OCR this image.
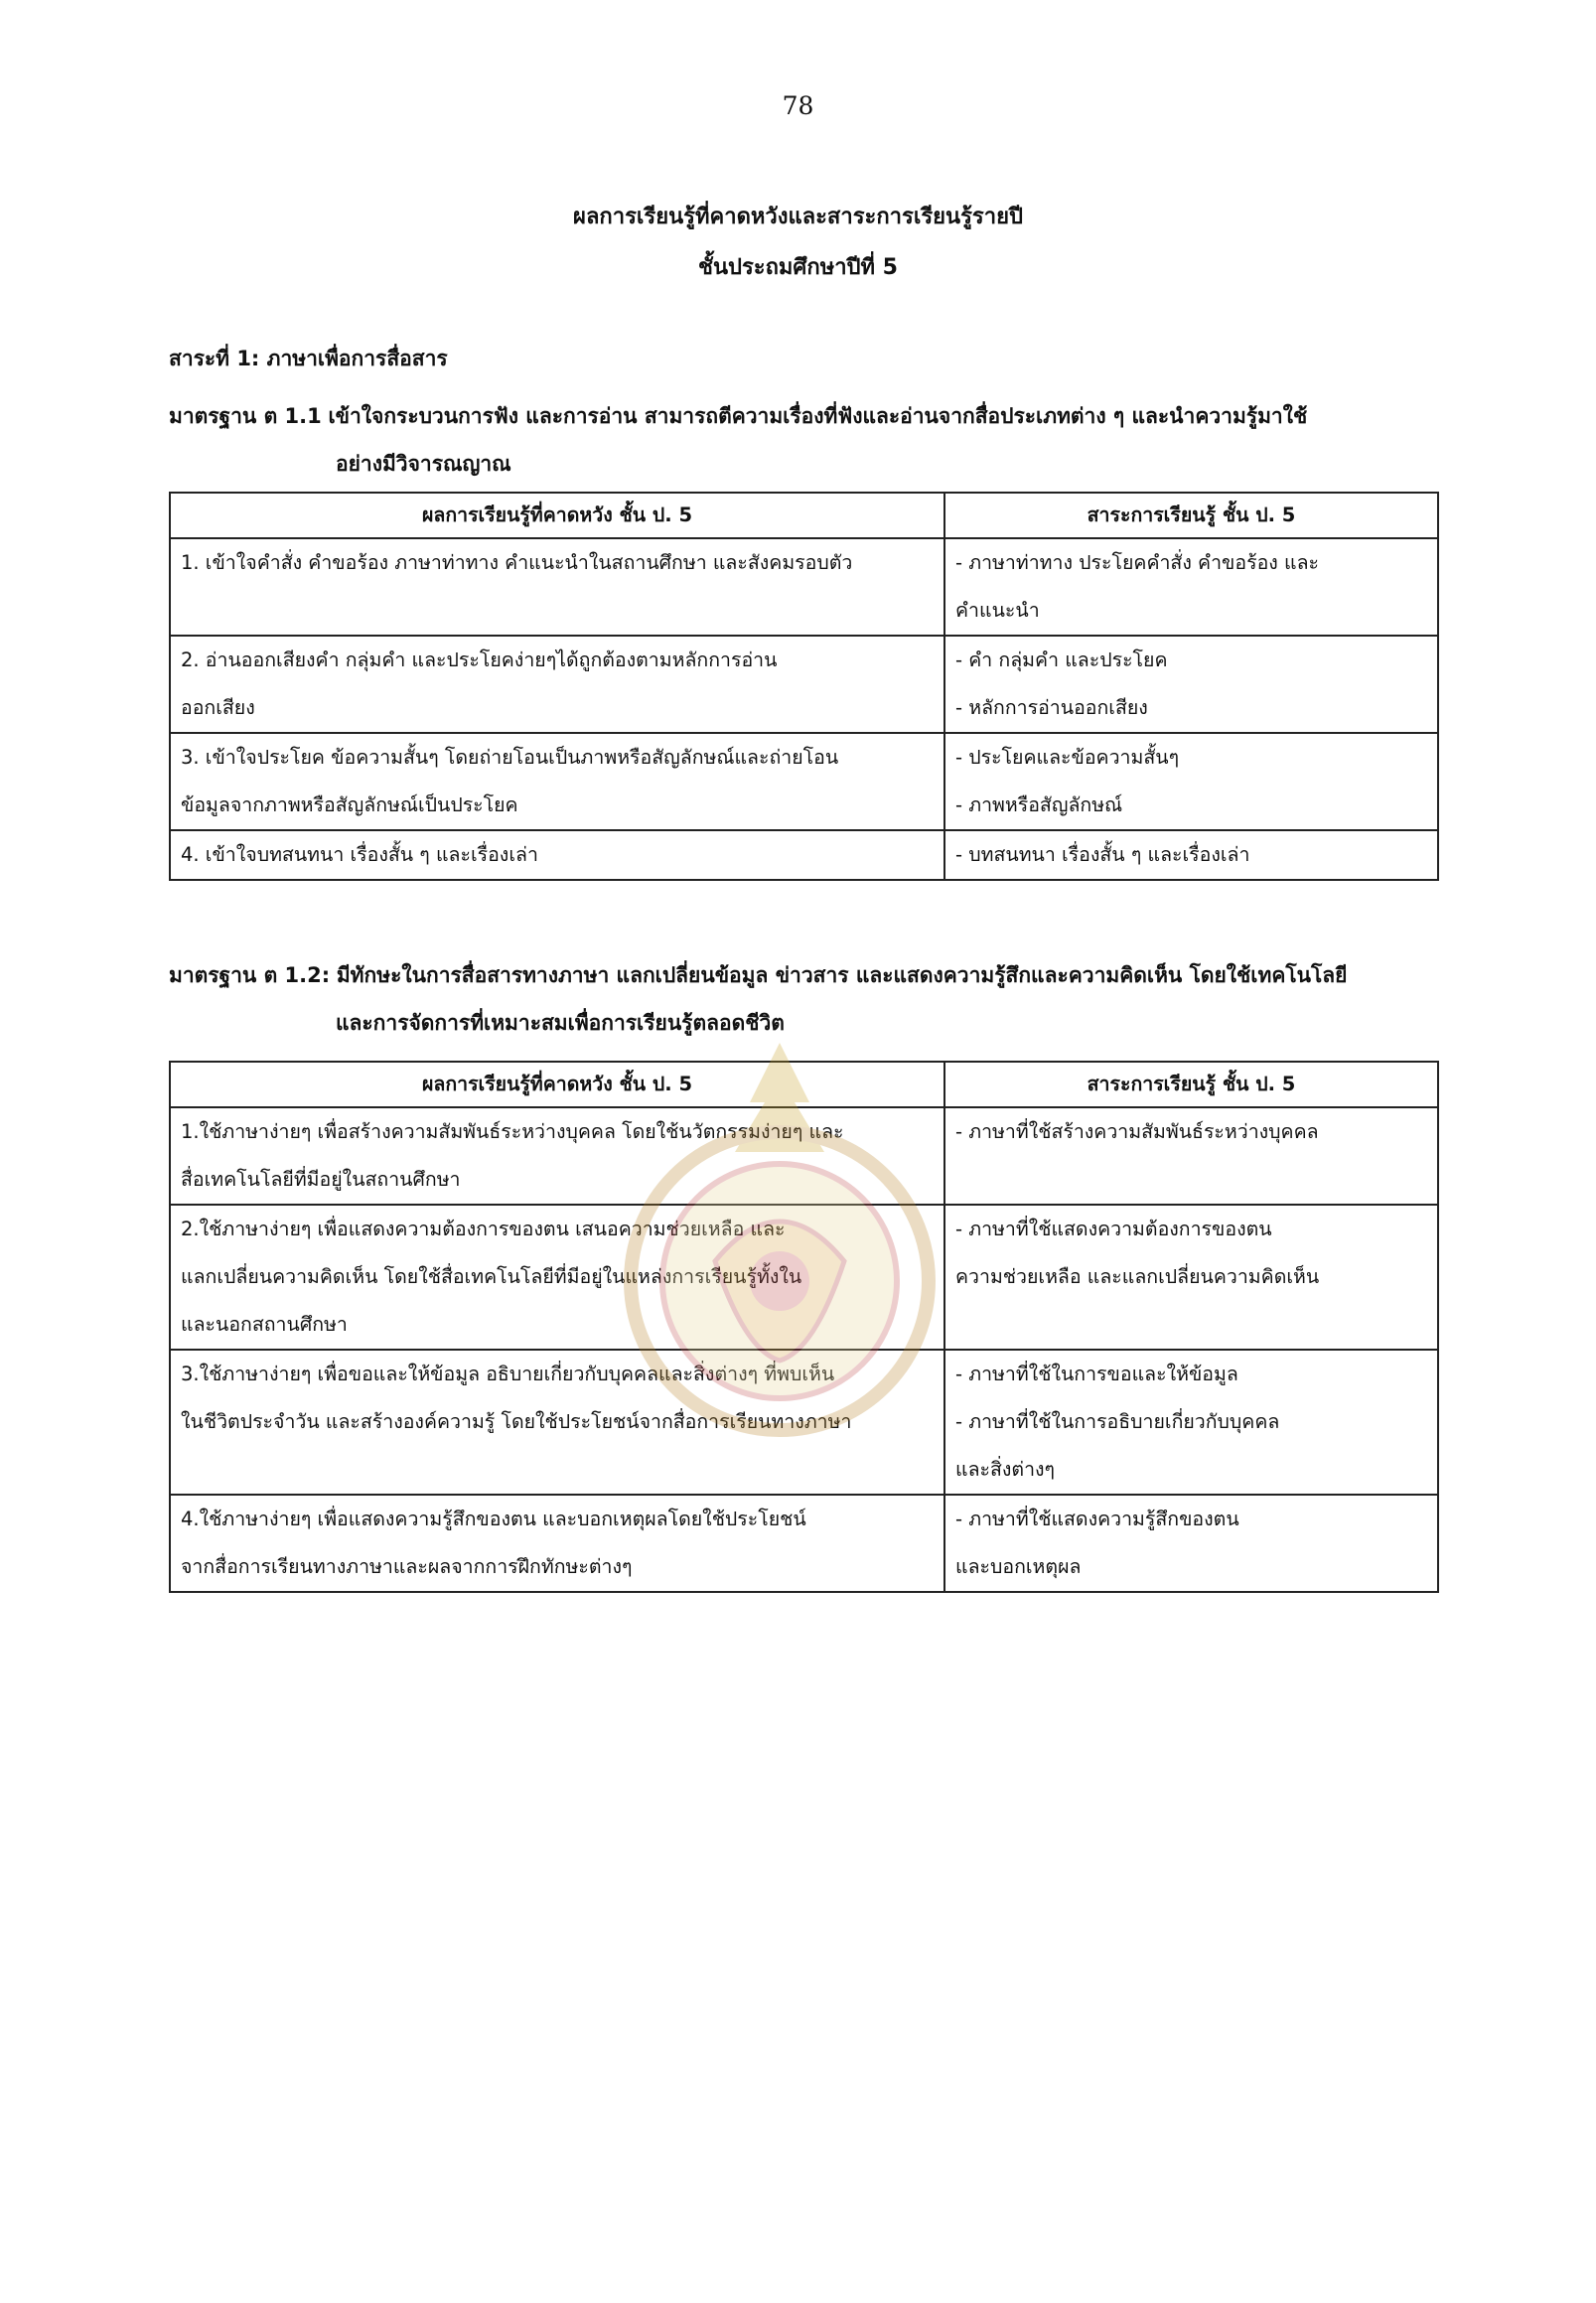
78
ผลการเรียนรู้ที่คาดหวังและสาระการเรียนรู้รายปี
ชั้นประถมศึกษาปีที่ 5
สาระที่ 1: ภาษาเพื่อการสื่อสาร
มาตรฐาน ต 1.1 เข้าใจกระบวนการฟัง และการอ่าน สามารถตีความเรื่องที่ฟังและอ่านจากสื่อประเภทต่าง ๆ และนำความรู้มาใช้
อย่างมีวิจารณญาณ
ผลการเรียนรู้ที่คาดหวัง ชั้น ป. 5	สาระการเรียนรู้ ชั้น ป. 5

1. เข้าใจคำสั่ง คำขอร้อง ภาษาท่าทาง คำแนะนำในสถานศึกษา และสังคมรอบตัว	- ภาษาท่าทาง ประโยคคำสั่ง คำขอร้อง และ
คำแนะนำ

2. อ่านออกเสียงคำ กลุ่มคำ และประโยคง่ายๆได้ถูกต้องตามหลักการอ่าน
ออกเสียง	- คำ กลุ่มคำ และประโยค
- หลักการอ่านออกเสียง

3. เข้าใจประโยค ข้อความสั้นๆ โดยถ่ายโอนเป็นภาพหรือสัญลักษณ์และถ่ายโอน
ข้อมูลจากภาพหรือสัญลักษณ์เป็นประโยค	- ประโยคและข้อความสั้นๆ
- ภาพหรือสัญลักษณ์

4. เข้าใจบทสนทนา เรื่องสั้น ๆ และเรื่องเล่า	- บทสนทนา เรื่องสั้น ๆ และเรื่องเล่า
มาตรฐาน ต 1.2: มีทักษะในการสื่อสารทางภาษา แลกเปลี่ยนข้อมูล ข่าวสาร และแสดงความรู้สึกและความคิดเห็น โดยใช้เทคโนโลยี
และการจัดการที่เหมาะสมเพื่อการเรียนรู้ตลอดชีวิต
ผลการเรียนรู้ที่คาดหวัง ชั้น ป. 5	สาระการเรียนรู้ ชั้น ป. 5

1.ใช้ภาษาง่ายๆ เพื่อสร้างความสัมพันธ์ระหว่างบุคคล โดยใช้นวัตกรรมง่ายๆ และ
สื่อเทคโนโลยีที่มีอยู่ในสถานศึกษา	- ภาษาที่ใช้สร้างความสัมพันธ์ระหว่างบุคคล

2.ใช้ภาษาง่ายๆ เพื่อแสดงความต้องการของตน เสนอความช่วยเหลือ และ
แลกเปลี่ยนความคิดเห็น โดยใช้สื่อเทคโนโลยีที่มีอยู่ในแหล่งการเรียนรู้ทั้งใน
และนอกสถานศึกษา	- ภาษาที่ใช้แสดงความต้องการของตน
ความช่วยเหลือ และแลกเปลี่ยนความคิดเห็น

3.ใช้ภาษาง่ายๆ เพื่อขอและให้ข้อมูล อธิบายเกี่ยวกับบุคคลและสิ่งต่างๆ ที่พบเห็น
ในชีวิตประจำวัน และสร้างองค์ความรู้ โดยใช้ประโยชน์จากสื่อการเรียนทางภาษา	- ภาษาที่ใช้ในการขอและให้ข้อมูล
- ภาษาที่ใช้ในการอธิบายเกี่ยวกับบุคคล
และสิ่งต่างๆ

4.ใช้ภาษาง่ายๆ เพื่อแสดงความรู้สึกของตน และบอกเหตุผลโดยใช้ประโยชน์
จากสื่อการเรียนทางภาษาและผลจากการฝึกทักษะต่างๆ	- ภาษาที่ใช้แสดงความรู้สึกของตน
และบอกเหตุผล
